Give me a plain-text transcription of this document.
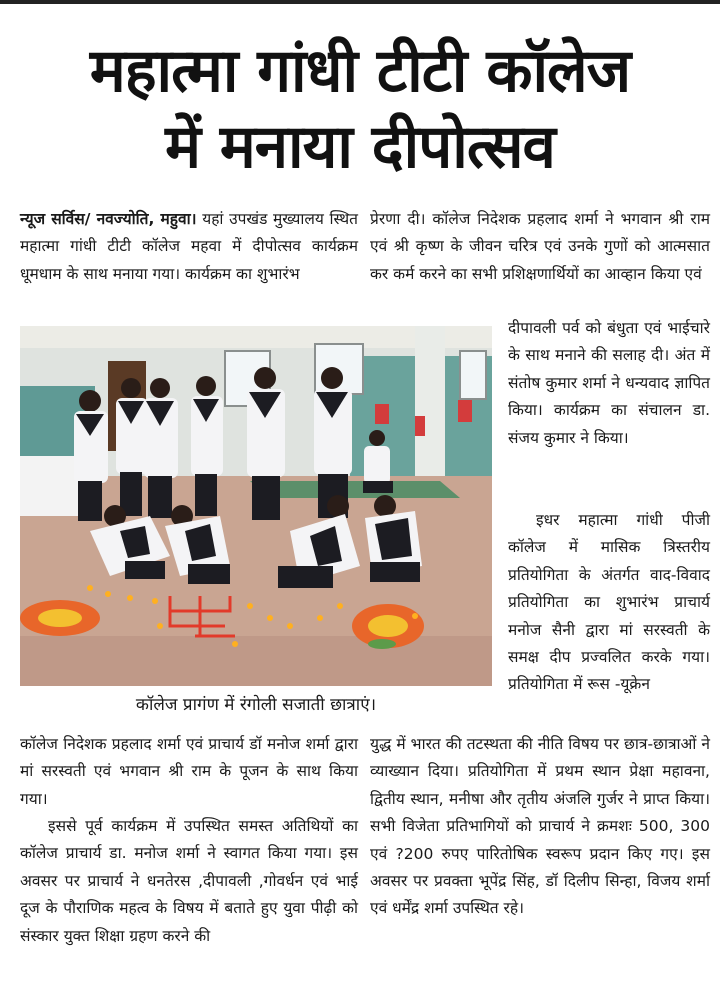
महात्मा गांधी टीटी कॉलेज
में मनाया दीपोत्सव

न्यूज सर्विस/ नवज्योति, महुवा। यहां उपखंड मुख्यालय स्थित महात्मा गांधी टीटी कॉलेज महवा में दीपोत्सव कार्यक्रम धूमधाम के साथ मनाया गया। कार्यक्रम का शुभारंभ

प्रेरणा दी। कॉलेज निदेशक प्रहलाद शर्मा ने भगवान श्री राम एवं श्री कृष्ण के जीवन चरित्र एवं उनके गुणों को आत्मसात कर कर्म करने का सभी प्रशिक्षणार्थियों का आव्हान किया एवं

कॉलेज प्रागंण में रंगोली सजाती छात्राएं।

दीपावली पर्व को बंधुता एवं भाईचारे के साथ मनाने की सलाह दी। अंत में संतोष कुमार शर्मा ने धन्यवाद ज्ञापित किया। कार्यक्रम का संचालन डा. संजय कुमार ने किया।

इधर महात्मा गांधी पीजी कॉलेज में मासिक त्रिस्तरीय प्रतियोगिता के अंतर्गत वाद-विवाद प्रतियोगिता का शुभारंभ प्राचार्य मनोज सैनी द्वारा मां सरस्वती के समक्ष दीप प्रज्वलित करके गया। प्रतियोगिता में रूस -यूक्रेन

कॉलेज निदेशक प्रहलाद शर्मा एवं प्राचार्य डॉ मनोज शर्मा द्वारा मां सरस्वती एवं भगवान श्री राम के पूजन के साथ किया गया।

इससे पूर्व कार्यक्रम में उपस्थित समस्त अतिथियों का कॉलेज प्राचार्य डा. मनोज शर्मा ने स्वागत किया गया। इस अवसर पर प्राचार्य ने धनतेरस ,दीपावली ,गोवर्धन एवं भाई दूज के पौराणिक महत्व के विषय में बताते हुए युवा पीढ़ी को संस्कार युक्त शिक्षा ग्रहण करने की

युद्ध में भारत की तटस्थता की नीति विषय पर छात्र-छात्राओं ने व्याख्यान दिया। प्रतियोगिता में प्रथम स्थान प्रेक्षा महावना, द्वितीय स्थान, मनीषा और तृतीय अंजलि गुर्जर ने प्राप्त किया। सभी विजेता प्रतिभागियों को प्राचार्य ने क्रमशः 500, 300 एवं ?200 रुपए पारितोषिक स्वरूप प्रदान किए गए। इस अवसर पर प्रवक्ता भूपेंद्र सिंह, डॉ दिलीप सिन्हा, विजय शर्मा एवं धर्मेंद्र शर्मा उपस्थित रहे।
